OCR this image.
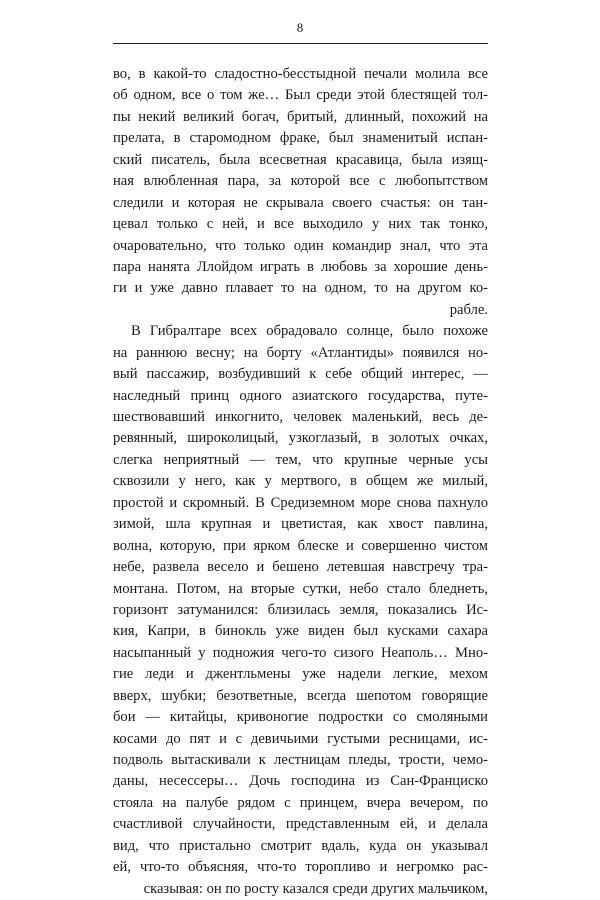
8
во, в какой-то сладостно-бесстыдной печали молила все
об одном, все о том же… Был среди этой блестящей тол-
пы некий великий богач, бритый, длинный, похожий на
прелата, в старомодном фраке, был знаменитый испан-
ский писатель, была всесветная красавица, была изящ-
ная влюбленная пара, за которой все с любопытством
следили и которая не скрывала своего счастья: он тан-
цевал только с ней, и все выходило у них так тонко,
очаровательно, что только один командир знал, что эта
пара нанята Ллойдом играть в любовь за хорошие день-
ги и уже давно плавает то на одном, то на другом ко-
рабле.
В Гибралтаре всех обрадовало солнце, было похоже
на раннюю весну; на борту «Атлантиды» появился но-
вый пассажир, возбудивший к себе общий интерес, —
наследный принц одного азиатского государства, путе-
шествовавший инкогнито, человек маленький, весь де-
ревянный, широколицый, узкоглазый, в золотых очках,
слегка неприятный — тем, что крупные черные усы
сквозили у него, как у мертвого, в общем же милый,
простой и скромный. В Средиземном море снова пахнуло
зимой, шла крупная и цветистая, как хвост павлина,
волна, которую, при ярком блеске и совершенно чистом
небе, развела весело и бешено летевшая навстречу тра-
монтана. Потом, на вторые сутки, небо стало бледнеть,
горизонт затуманился: близилась земля, показались Ис-
кия, Капри, в бинокль уже виден был кусками сахара
насыпанный у подножия чего-то сизого Неаполь… Мно-
гие леди и джентльмены уже надели легкие, мехом
вверх, шубки; безответные, всегда шепотом говорящие
бои — китайцы, кривоногие подростки со смоляными
косами до пят и с девичьими густыми ресницами, ис-
подволь вытаскивали к лестницам пледы, трости, чемо-
даны, несессеры… Дочь господина из Сан-Франциско
стояла на палубе рядом с принцем, вчера вечером, по
счастливой случайности, представленным ей, и делала
вид, что пристально смотрит вдаль, куда он указывал
ей, что-то объясняя, что-то торопливо и негромко рас-
сказывая: он по росту казался среди других мальчиком,
